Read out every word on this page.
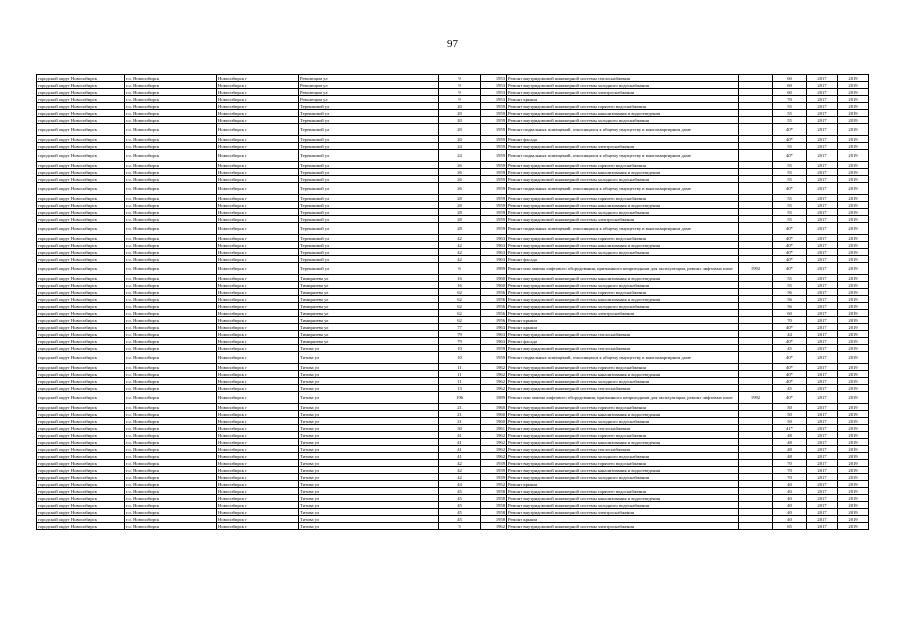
97
городской округ Новосибирск	г.о. Новосибирск	Новосибирск г	Революции ул	9	1953	Ремонт внутридомовой инженерной системы теплоснабжения		60	2017	2019
городской округ Новосибирск	г.о. Новосибирск	Новосибирск г	Революции ул	9	1953	Ремонт внутридомовой инженерной системы холодного водоснабжения		60	2017	2019
городской округ Новосибирск	г.о. Новосибирск	Новосибирск г	Революции ул	9	1953	Ремонт внутридомовой инженерной системы электроснабжения		60	2017	2019
городской округ Новосибирск	г.о. Новосибирск	Новосибирск г	Революции ул	9	1953	Ремонт крыши		70	2017	2019
городской округ Новосибирск	г.о. Новосибирск	Новосибирск г	Терешковой ул	20	1959	Ремонт внутридомовой инженерной системы горячего водоснабжения		55	2017	2019
городской округ Новосибирск	г.о. Новосибирск	Новосибирск г	Терешковой ул	20	1959	Ремонт внутридомовой инженерной системы канализования и водоотведения		55	2017	2019
городской округ Новосибирск	г.о. Новосибирск	Новосибирск г	Терешковой ул	20	1959	Ремонт внутридомовой инженерной системы холодного водоснабжения		55	2017	2019
городской округ Новосибирск	г.о. Новосибирск	Новосибирск г	Терешковой ул	20	1959	Ремонт подвальных помещений, относящихся к общему имуществу в многоквартирном доме		40*	2017	2019
городской округ Новосибирск	г.о. Новосибирск	Новосибирск г	Терешковой ул	20	1959	Ремонт фасада		40*	2017	2019
городской округ Новосибирск	г.о. Новосибирск	Новосибирск г	Терешковой ул	24	1959	Ремонт внутридомовой инженерной системы электроснабжения		55	2017	2019
городской округ Новосибирск	г.о. Новосибирск	Новосибирск г	Терешковой ул	24	1959	Ремонт подвальных помещений, относящихся к общему имуществу в многоквартирном доме		40*	2017	2019
городской округ Новосибирск	г.о. Новосибирск	Новосибирск г	Терешковой ул	26	1959	Ремонт внутридомовой инженерной системы горячего водоснабжения		55	2017	2019
городской округ Новосибирск	г.о. Новосибирск	Новосибирск г	Терешковой ул	26	1959	Ремонт внутридомовой инженерной системы канализования и водоотведения		55	2017	2019
городской округ Новосибирск	г.о. Новосибирск	Новосибирск г	Терешковой ул	26	1959	Ремонт внутридомовой инженерной системы холодного водоснабжения		55	2017	2019
городской округ Новосибирск	г.о. Новосибирск	Новосибирск г	Терешковой ул	26	1959	Ремонт подвальных помещений, относящихся к общему имуществу в многоквартирном доме		40*	2017	2019
городской округ Новосибирск	г.о. Новосибирск	Новосибирск г	Терешковой ул	28	1959	Ремонт внутридомовой инженерной системы горячего водоснабжения		55	2017	2019
городской округ Новосибирск	г.о. Новосибирск	Новосибирск г	Терешковой ул	28	1959	Ремонт внутридомовой инженерной системы канализования и водоотведения		55	2017	2019
городской округ Новосибирск	г.о. Новосибирск	Новосибирск г	Терешковой ул	28	1959	Ремонт внутридомовой инженерной системы холодного водоснабжения		55	2017	2019
городской округ Новосибирск	г.о. Новосибирск	Новосибирск г	Терешковой ул	28	1959	Ремонт внутридомовой инженерной системы электроснабжения		55	2017	2019
городской округ Новосибирск	г.о. Новосибирск	Новосибирск г	Терешковой ул	28	1959	Ремонт подвальных помещений, относящихся к общему имуществу в многоквартирном доме		40*	2017	2019
городской округ Новосибирск	г.о. Новосибирск	Новосибирск г	Терешковой ул	42	1963	Ремонт внутридомовой инженерной системы горячего водоснабжения		40*	2017	2019
городской округ Новосибирск	г.о. Новосибирск	Новосибирск г	Терешковой ул	42	1963	Ремонт внутридомовой инженерной системы канализования и водоотведения		40*	2017	2019
городской округ Новосибирск	г.о. Новосибирск	Новосибирск г	Терешковой ул	42	1963	Ремонт внутридомовой инженерной системы холодного водоснабжения		40*	2017	2019
городской округ Новосибирск	г.о. Новосибирск	Новосибирск г	Терешковой ул	42	1963	Ремонт фасада		40*	2017	2019
городской округ Новосибирск	г.о. Новосибирск	Новосибирск г	Терешковой ул	6	1989	Ремонт или замена лифтового оборудования, признанного непригодным для эксплуатации, ремонт лифтовых шахт	1992	40*	2017	2019
городской округ Новосибирск	г.о. Новосибирск	Новосибирск г	Тимирязева ул	16	1960	Ремонт внутридомовой инженерной системы канализования и водоотведения		55	2017	2019
городской округ Новосибирск	г.о. Новосибирск	Новосибирск г	Тимирязева ул	16	1960	Ремонт внутридомовой инженерной системы холодного водоснабжения		55	2017	2019
городской округ Новосибирск	г.о. Новосибирск	Новосибирск г	Тимирязева ул	62	1956	Ремонт внутридомовой инженерной системы горячего водоснабжения		56	2017	2019
городской округ Новосибирск	г.о. Новосибирск	Новосибирск г	Тимирязева ул	62	1956	Ремонт внутридомовой инженерной системы канализования и водоотведения		56	2017	2019
городской округ Новосибирск	г.о. Новосибирск	Новосибирск г	Тимирязева ул	62	1956	Ремонт внутридомовой инженерной системы холодного водоснабжения		56	2017	2019
городской округ Новосибирск	г.о. Новосибирск	Новосибирск г	Тимирязева ул	62	1956	Ремонт внутридомовой инженерной системы электроснабжения		60	2017	2019
городской округ Новосибирск	г.о. Новосибирск	Новосибирск г	Тимирязева ул	62	1956	Ремонт крыши		70	2017	2019
городской округ Новосибирск	г.о. Новосибирск	Новосибирск г	Тимирязева ул	77	1963	Ремонт крыши		40*	2017	2019
городской округ Новосибирск	г.о. Новосибирск	Новосибирск г	Тимирязева ул	79	1963	Ремонт внутридомовой инженерной системы теплоснабжения		44	2017	2019
городской округ Новосибирск	г.о. Новосибирск	Новосибирск г	Тимирязева ул	79	1963	Ремонт фасада		40*	2017	2019
городской округ Новосибирск	г.о. Новосибирск	Новосибирск г	Титова ул	10	1959	Ремонт внутридомовой инженерной системы теплоснабжения		45	2017	2019
городской округ Новосибирск	г.о. Новосибирск	Новосибирск г	Титова ул	10	1959	Ремонт подвальных помещений, относящихся к общему имуществу в многоквартирном доме		40*	2017	2019
городской округ Новосибирск	г.о. Новосибирск	Новосибирск г	Титова ул	11	1962	Ремонт внутридомовой инженерной системы горячего водоснабжения		40*	2017	2019
городской округ Новосибирск	г.о. Новосибирск	Новосибирск г	Титова ул	11	1962	Ремонт внутридомовой инженерной системы канализования и водоотведения		40*	2017	2019
городской округ Новосибирск	г.о. Новосибирск	Новосибирск г	Титова ул	11	1962	Ремонт внутридомовой инженерной системы холодного водоснабжения		40*	2017	2019
городской округ Новосибирск	г.о. Новосибирск	Новосибирск г	Титова ул	13	1962	Ремонт внутридомовой инженерной системы теплоснабжения		45	2017	2019
городской округ Новосибирск	г.о. Новосибирск	Новосибирск г	Титова ул	196	1989	Ремонт или замена лифтового оборудования, признанного непригодным для эксплуатации, ремонт лифтовых шахт	1992	40*	2017	2019
городской округ Новосибирск	г.о. Новосибирск	Новосибирск г	Титова ул	21	1960	Ремонт внутридомовой инженерной системы горячего водоснабжения		50	2017	2019
городской округ Новосибирск	г.о. Новосибирск	Новосибирск г	Титова ул	21	1960	Ремонт внутридомовой инженерной системы канализования и водоотведения		50	2017	2019
городской округ Новосибирск	г.о. Новосибирск	Новосибирск г	Титова ул	21	1960	Ремонт внутридомовой инженерной системы холодного водоснабжения		50	2017	2019
городской округ Новосибирск	г.о. Новосибирск	Новосибирск г	Титова ул	30	1961	Ремонт внутридомовой инженерной системы теплоснабжения		41*	2017	2019
городской округ Новосибирск	г.о. Новосибирск	Новосибирск г	Титова ул	41	1962	Ремонт внутридомовой инженерной системы горячего водоснабжения		48	2017	2019
городской округ Новосибирск	г.о. Новосибирск	Новосибирск г	Титова ул	41	1962	Ремонт внутридомовой инженерной системы канализования и водоотведения		48	2017	2019
городской округ Новосибирск	г.о. Новосибирск	Новосибирск г	Титова ул	41	1962	Ремонт внутридомовой инженерной системы теплоснабжения		48	2017	2019
городской округ Новосибирск	г.о. Новосибирск	Новосибирск г	Титова ул	41	1962	Ремонт внутридомовой инженерной системы холодного водоснабжения		48	2017	2019
городской округ Новосибирск	г.о. Новосибирск	Новосибирск г	Титова ул	42	1939	Ремонт внутридомовой инженерной системы горячего водоснабжения		70	2017	2019
городской округ Новосибирск	г.о. Новосибирск	Новосибирск г	Титова ул	42	1939	Ремонт внутридомовой инженерной системы канализования и водоотведения		70	2017	2019
городской округ Новосибирск	г.о. Новосибирск	Новосибирск г	Титова ул	42	1939	Ремонт внутридомовой инженерной системы холодного водоснабжения		70	2017	2019
городской округ Новосибирск	г.о. Новосибирск	Новосибирск г	Титова ул	44	1952	Ремонт крыши		40	2017	2019
городской округ Новосибирск	г.о. Новосибирск	Новосибирск г	Титова ул	45	1958	Ремонт внутридомовой инженерной системы горячего водоснабжения		40	2017	2019
городской округ Новосибирск	г.о. Новосибирск	Новосибирск г	Титова ул	45	1958	Ремонт внутридомовой инженерной системы канализования и водоотведения		40	2017	2019
городской округ Новосибирск	г.о. Новосибирск	Новосибирск г	Титова ул	45	1958	Ремонт внутридомовой инженерной системы холодного водоснабжения		40	2017	2019
городской округ Новосибирск	г.о. Новосибирск	Новосибирск г	Титова ул	45	1958	Ремонт внутридомовой инженерной системы электроснабжения		40	2017	2019
городской округ Новосибирск	г.о. Новосибирск	Новосибирск г	Титова ул	45	1958	Ремонт крыши		40	2017	2019
городской округ Новосибирск	г.о. Новосибирск	Новосибирск г	Титова ул	5	1962	Ремонт внутридомовой инженерной системы электроснабжения		65	2017	2019
